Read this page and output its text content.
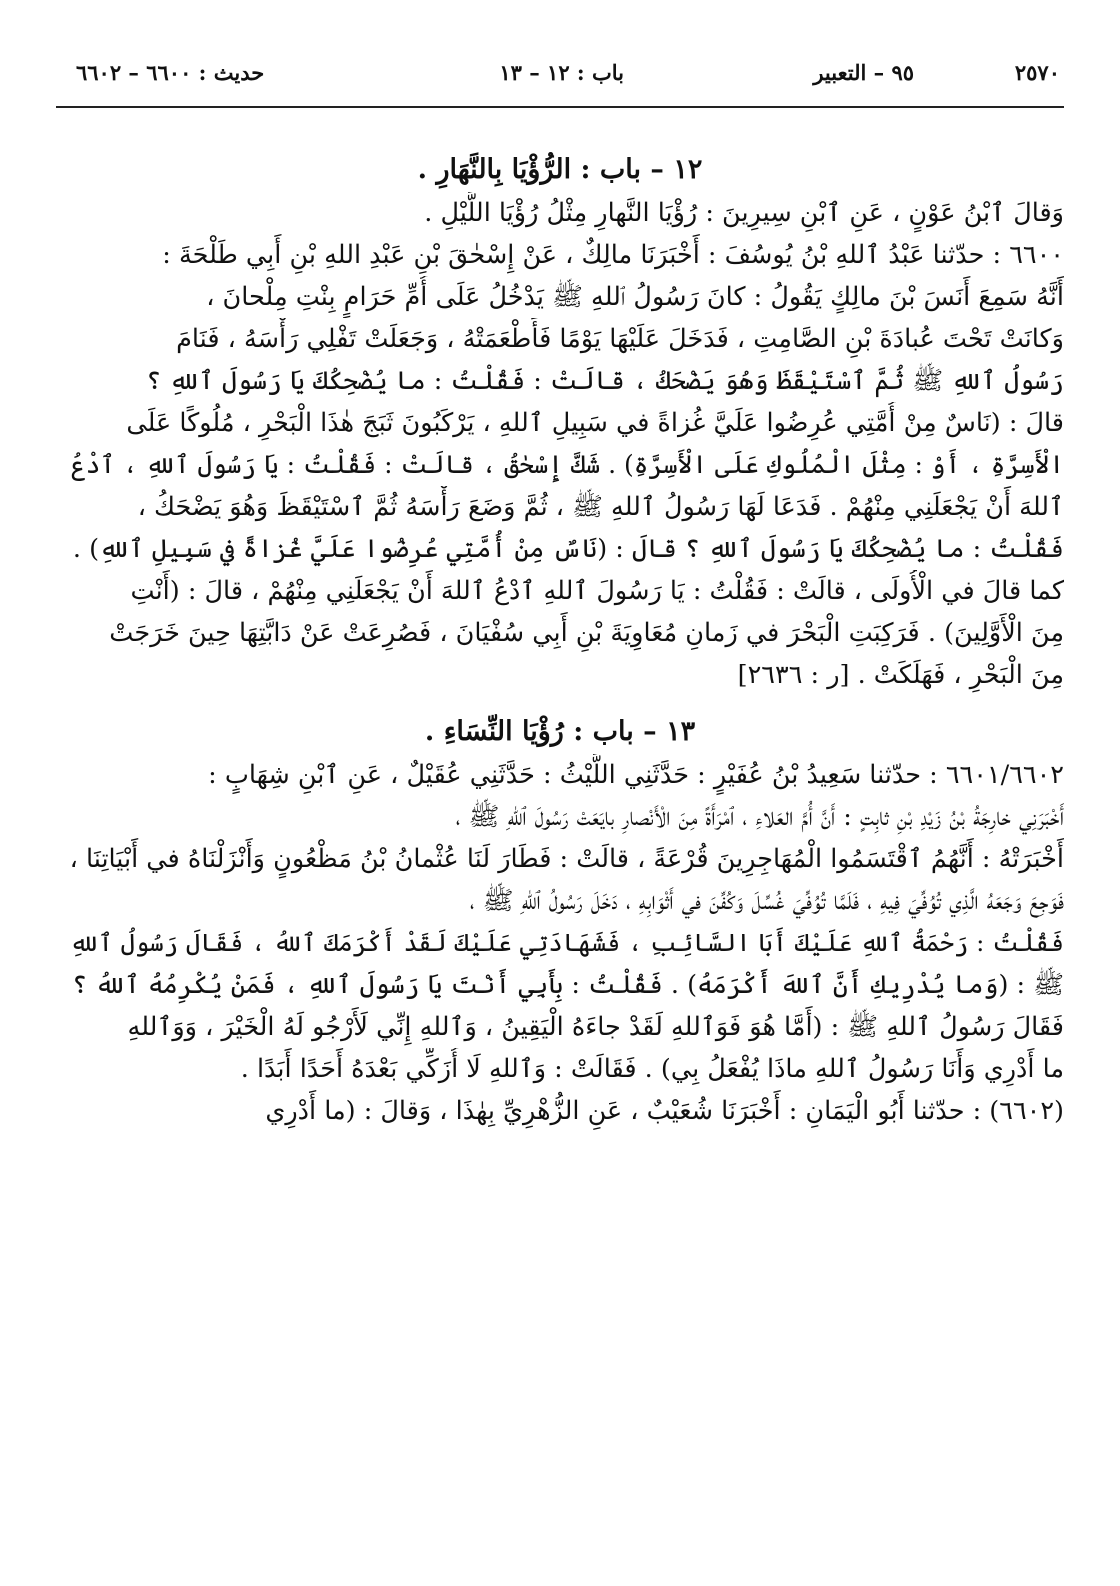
٢٥٧٠
٩٥ – التعبير
باب : ١٢ – ١٣
حديث : ٦٦٠٠ – ٦٦٠٢
١٢ – باب : الرُّؤْيَا بِالنَّهَارِ .

وَقالَ ٱبْنُ عَوْنٍ ، عَنِ ٱبْنِ سِيرِينَ : رُؤْيَا النَّهارِ مِثْلُ رُؤْيَا اللَّيْلِ .

٦٦٠٠ : حدّثنا عَبْدُ ٱللهِ بْنُ يُوسُفَ : أَخْبَرَنَا مالِكٌ ، عَنْ إِسْحٰقَ بْنِ عَبْدِ اللهِ بْنِ أَبِي طَلْحَةَ :

أَنَّهُ سَمِعَ أَنَسَ بْنَ مالِكٍ يَقُولُ : كانَ رَسُولُ ٱللهِ ﷺ يَدْخُلُ عَلَى أُمِّ حَرَامٍ بِنْتِ مِلْحانَ ،

وَكانَتْ تَحْتَ عُبادَةَ بْنِ الصَّامِتِ ، فَدَخَلَ عَلَيْهَا يَوْمًا فَأَطْعَمَتْهُ ، وَجَعَلَتْ تَفْلِي رَأْسَهُ ، فَنَامَ

رَسُولُ ٱللهِ ﷺ ثُمَّ ٱسْتَيْقَظَ وَهُوَ يَضْحَكُ ، قالَتْ : فَقُلْتُ : ما يُضْحِكُكَ يَا رَسُولَ ٱللهِ ؟

قالَ : (نَاسٌ مِنْ أُمَّتِي عُرِضُوا عَلَيَّ غُزاةً في سَبِيلِ ٱللهِ ، يَرْكَبُونَ ثَبَجَ هٰذَا الْبَحْرِ ، مُلُوكًا عَلَى

الْأَسِرَّةِ ، أَوْ : مِثْلَ الْمُلُوكِ عَلَى الْأَسِرَّةِ) . شَكَّ إِسْحٰقُ ، قالَتْ : فَقُلْتُ : يَا رَسُولَ ٱللهِ ، ٱدْعُ

ٱللهَ أَنْ يَجْعَلَنِي مِنْهُمْ . فَدَعَا لَهَا رَسُولُ ٱللهِ ﷺ ، ثُمَّ وَضَعَ رَأْسَهُ ثُمَّ ٱسْتَيْقَظَ وَهُوَ يَضْحَكُ ،

فَقُلْتُ : ما يُضْحِكُكَ يَا رَسُولَ ٱللهِ ؟ قالَ : (نَاسٌ مِنْ أُمَّتِي عُرِضُوا عَلَيَّ غُزاةً في سَبِيلِ ٱللهِ) .

كما قالَ في الْأُولَى ، قالَتْ : فَقُلْتُ : يَا رَسُولَ ٱللهِ ٱدْعُ ٱللهَ أَنْ يَجْعَلَنِي مِنْهُمْ ، قالَ : (أَنْتِ

مِنَ الْأَوَّلِينَ) . فَرَكِبَتِ الْبَحْرَ في زَمانِ مُعَاوِيَةَ بْنِ أَبِي سُفْيَانَ ، فَصُرِعَتْ عَنْ دَابَّتِهَا حِينَ خَرَجَتْ

مِنَ الْبَحْرِ ، فَهَلَكَتْ . [ر : ٢٦٣٦]

١٣ – باب : رُؤْيَا النِّسَاءِ .

٦٦٠١/٦٦٠٢ : حدّثنا سَعِيدُ بْنُ عُفَيْرٍ : حَدَّثَنِي اللَّيْثُ : حَدَّثَنِي عُقَيْلٌ ، عَنِ ٱبْنِ شِهَابٍ :

أَخْبَرَنِي خارِجَةُ بْنُ زَيْدِ بْنِ ثابِتٍ : أَنَّ أُمَّ العَلاءِ ، ٱمْرَأَةً مِنَ الْأَنْصارِ بايَعَتْ رَسُولَ ٱللهِ ﷺ ،

أَخْبَرَتْهُ : أَنَّهُمُ ٱقْتَسَمُوا الْمُهَاجِرِينَ قُرْعَةً ، قالَتْ : فَطَارَ لَنَا عُثْمانُ بْنُ مَظْعُونٍ وَأَنْزَلْنَاهُ في أَبْيَاتِنَا ،

فَوَجِعَ وَجَعَهُ الَّذِي تُوُفِّيَ فِيهِ ، فَلَمَّا تُوُفِّيَ غُسِّلَ وَكُفِّنَ في أَثْوَابِهِ ، دَخَلَ رَسُولُ ٱللهِ ﷺ ،

فَقُلْتُ : رَحْمَةُ ٱللهِ عَلَيْكَ أَبَا السَّائِبِ ، فَشَهَادَتِي عَلَيْكَ لَقَدْ أَكْرَمَكَ ٱللهُ ، فَقَالَ رَسُولُ ٱللهِ

ﷺ : (وَما يُدْرِيكِ أَنَّ ٱللهَ أَكْرَمَهُ) . فَقُلْتُ : بِأَبِي أَنْتَ يَا رَسُولَ ٱللهِ ، فَمَنْ يُكْرِمُهُ ٱللهُ ؟

فَقَالَ رَسُولُ ٱللهِ ﷺ : (أَمَّا هُوَ فَوَٱللهِ لَقَدْ جاءَهُ الْيَقِينُ ، وَٱللهِ إِنِّي لَأَرْجُو لَهُ الْخَيْرَ ، وَوَٱللهِ

ما أَدْرِي وَأَنَا رَسُولُ ٱللهِ ماذَا يُفْعَلُ بِي) . فَقَالَتْ : وَٱللهِ لَا أُزَكِّي بَعْدَهُ أَحَدًا أَبَدًا .

(٦٦٠٢) : حدّثنا أَبُو الْيَمَانِ : أَخْبَرَنَا شُعَيْبٌ ، عَنِ الزُّهْرِيِّ بِهٰذَا ، وَقالَ : (ما أَدْرِي
